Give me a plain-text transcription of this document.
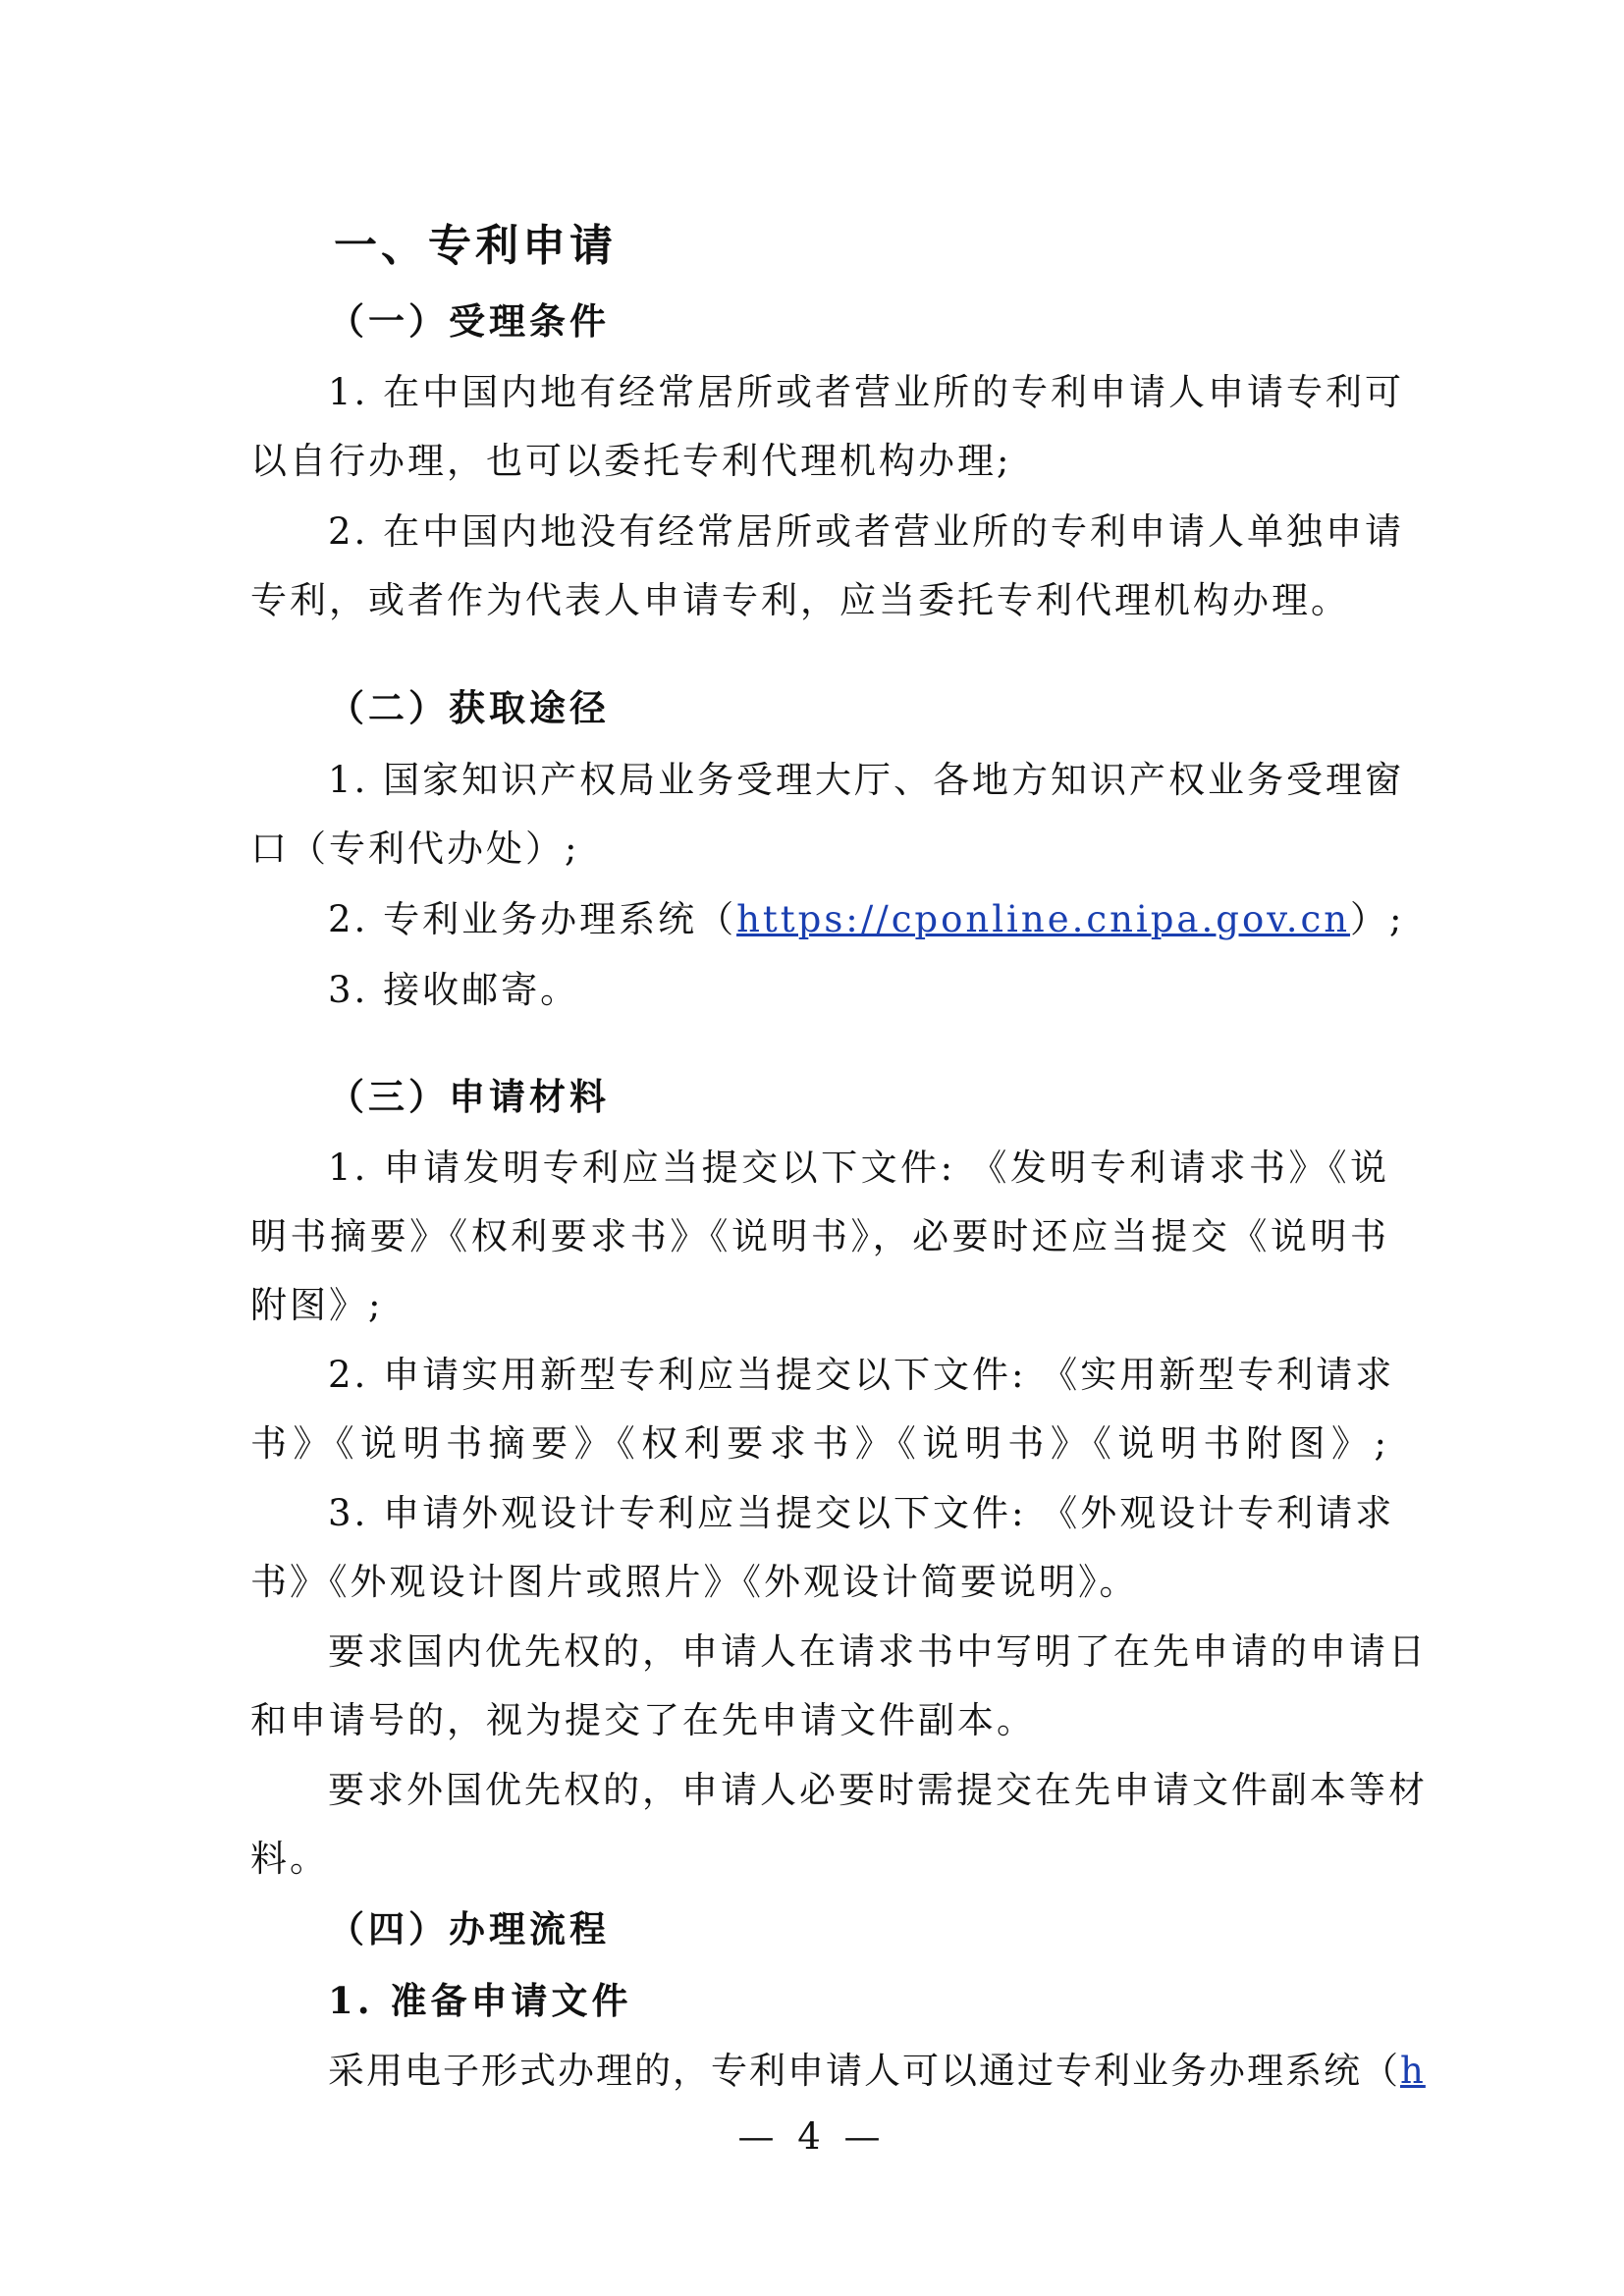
一、专利申请
（一）受理条件
1. 在中国内地有经常居所或者营业所的专利申请人申请专利可
以自行办理，也可以委托专利代理机构办理;
2. 在中国内地没有经常居所或者营业所的专利申请人单独申请
专利，或者作为代表人申请专利，应当委托专利代理机构办理。
（二）获取途径
1. 国家知识产权局业务受理大厅、各地方知识产权业务受理窗
口（专利代办处）;
2. 专利业务办理系统（https://cponline.cnipa.gov.cn）;
3. 接收邮寄。
（三）申请材料
1. 申请发明专利应当提交以下文件: 《发明专利请求书》《说
明书摘要》《权利要求书》《说明书》，必要时还应当提交《说明书
附图》;
2. 申请实用新型专利应当提交以下文件: 《实用新型专利请求
书》《说明书摘要》《权利要求书》《说明书》《说明书附图》;
3. 申请外观设计专利应当提交以下文件: 《外观设计专利请求
书》《外观设计图片或照片》《外观设计简要说明》。
要求国内优先权的，申请人在请求书中写明了在先申请的申请日
和申请号的，视为提交了在先申请文件副本。
要求外国优先权的，申请人必要时需提交在先申请文件副本等材
料。
（四）办理流程
1. 准备申请文件
采用电子形式办理的，专利申请人可以通过专利业务办理系统（h
— 4 —
